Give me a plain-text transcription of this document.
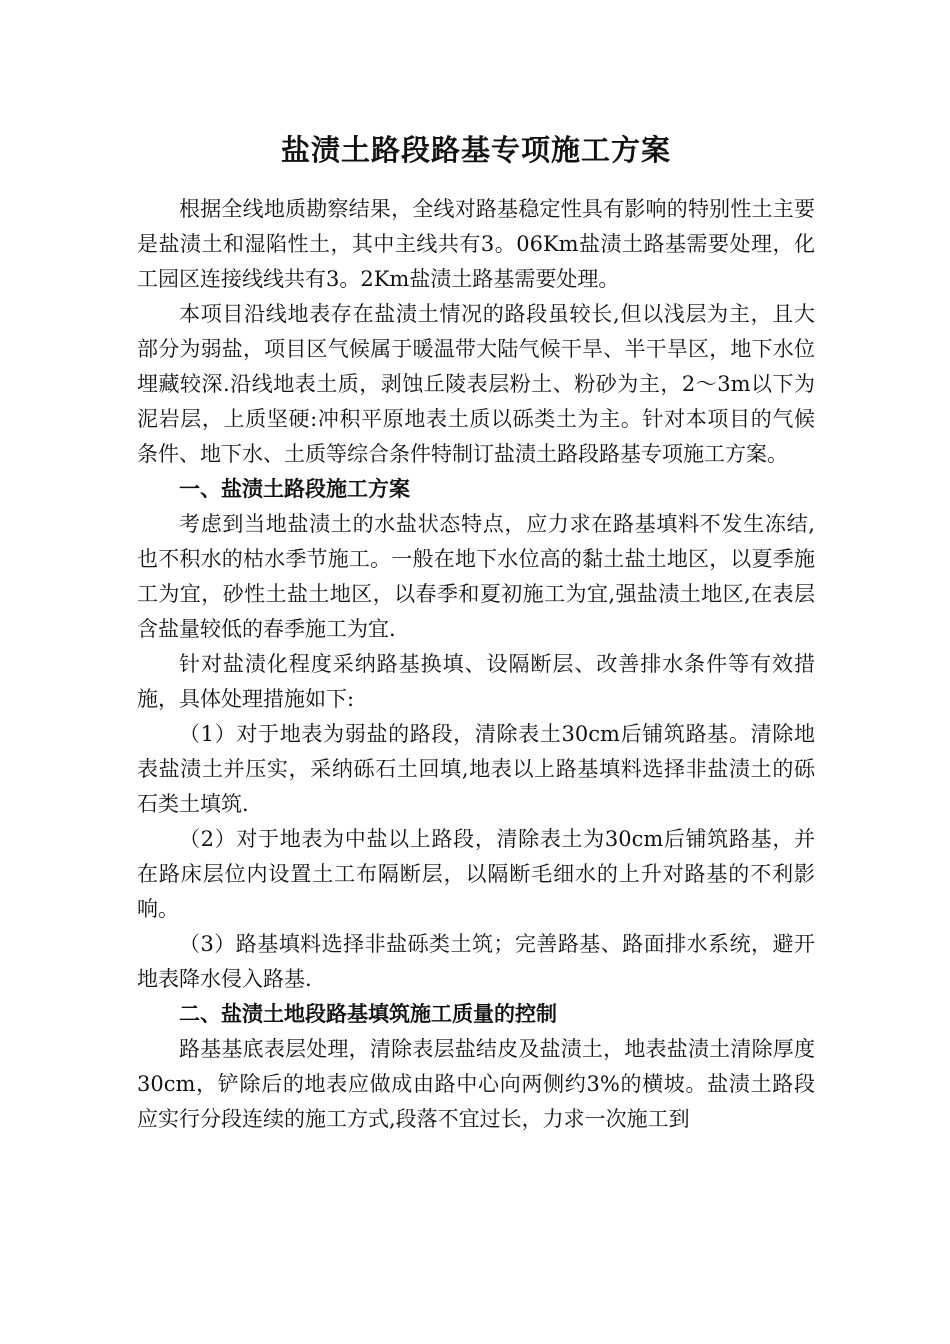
盐渍土路段路基专项施工方案

根据全线地质勘察结果，全线对路基稳定性具有影响的特别性土主要是盐渍土和湿陷性土，其中主线共有3。06Km盐渍土路基需要处理，化工园区连接线线共有3。2Km盐渍土路基需要处理。

本项目沿线地表存在盐渍土情况的路段虽较长,但以浅层为主，且大部分为弱盐，项目区气候属于暖温带大陆气候干旱、半干旱区，地下水位埋藏较深.沿线地表土质，剥蚀丘陵表层粉土、粉砂为主，2～3m以下为泥岩层，上质坚硬:冲积平原地表土质以砾类土为主。针对本项目的气候条件、地下水、土质等综合条件特制订盐渍土路段路基专项施工方案。

一、盐渍土路段施工方案

考虑到当地盐渍土的水盐状态特点，应力求在路基填料不发生冻结,也不积水的枯水季节施工。一般在地下水位高的黏土盐土地区，以夏季施工为宜，砂性土盐土地区，以春季和夏初施工为宜,强盐渍土地区,在表层含盐量较低的春季施工为宜.

针对盐渍化程度采纳路基换填、设隔断层、改善排水条件等有效措施，具体处理措施如下:

（1）对于地表为弱盐的路段，清除表土30cm后铺筑路基。清除地表盐渍土并压实，采纳砾石土回填,地表以上路基填料选择非盐渍土的砾石类土填筑.

（2）对于地表为中盐以上路段，清除表土为30cm后铺筑路基，并在路床层位内设置土工布隔断层，以隔断毛细水的上升对路基的不利影响。

（3）路基填料选择非盐砾类土筑；完善路基、路面排水系统，避开地表降水侵入路基.

二、盐渍土地段路基填筑施工质量的控制

路基基底表层处理，清除表层盐结皮及盐渍土，地表盐渍土清除厚度30cm，铲除后的地表应做成由路中心向两侧约3%的横坡。盐渍土路段应实行分段连续的施工方式,段落不宜过长，力求一次施工到
